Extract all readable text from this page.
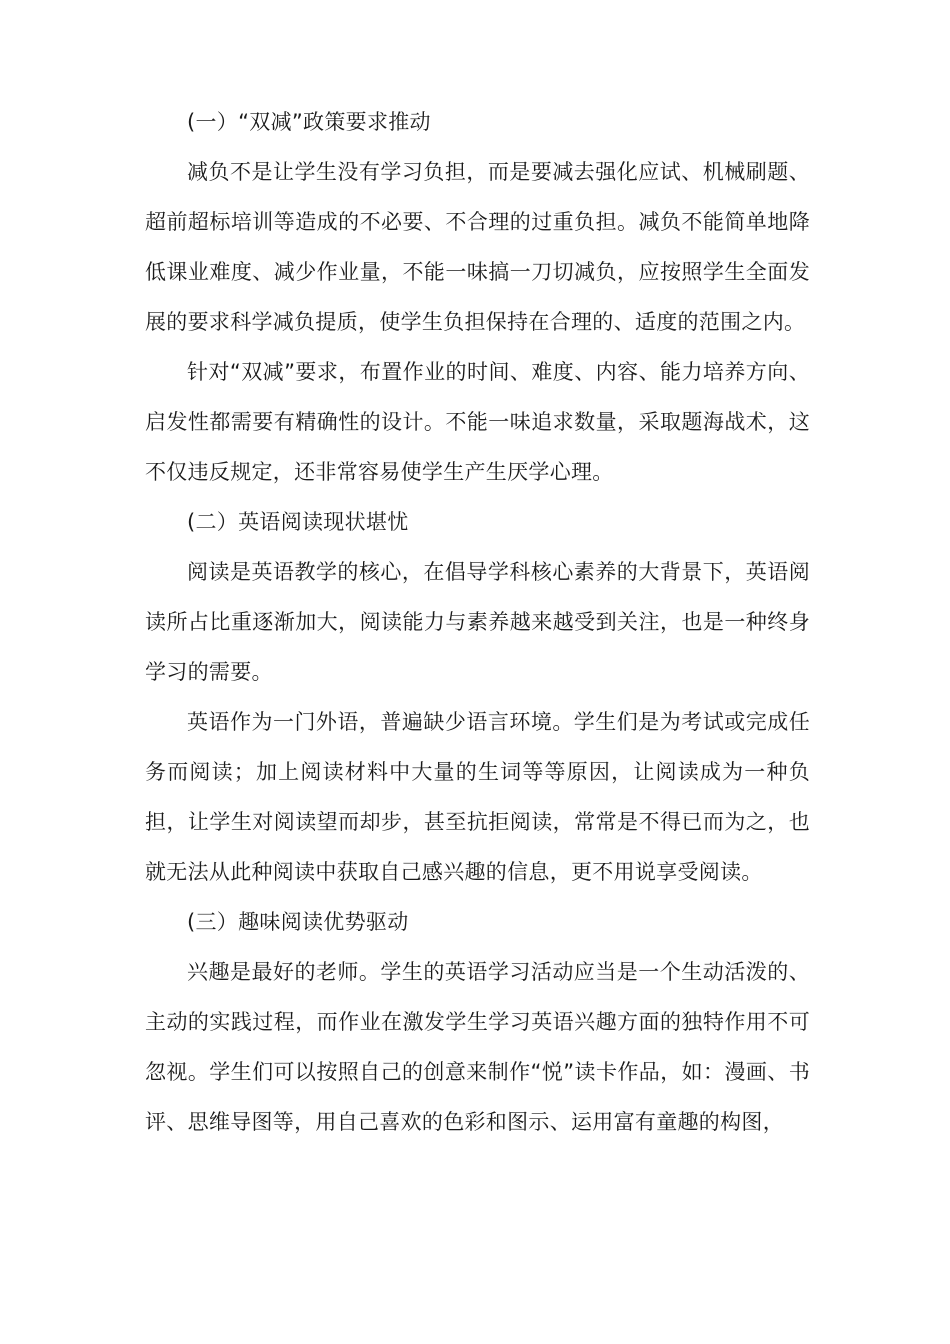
(一）“双减”政策要求推动

减负不是让学生没有学习负担，而是要减去强化应试、机械刷题、超前超标培训等造成的不必要、不合理的过重负担。减负不能简单地降低课业难度、减少作业量，不能一味搞一刀切减负，应按照学生全面发展的要求科学减负提质，使学生负担保持在合理的、适度的范围之内。

针对“双减”要求，布置作业的时间、难度、内容、能力培养方向、启发性都需要有精确性的设计。不能一味追求数量，采取题海战术，这不仅违反规定，还非常容易使学生产生厌学心理。

(二）英语阅读现状堪忧

阅读是英语教学的核心，在倡导学科核心素养的大背景下，英语阅读所占比重逐渐加大，阅读能力与素养越来越受到关注，也是一种终身学习的需要。

英语作为一门外语，普遍缺少语言环境。学生们是为考试或完成任务而阅读；加上阅读材料中大量的生词等等原因，让阅读成为一种负担，让学生对阅读望而却步，甚至抗拒阅读，常常是不得已而为之，也就无法从此种阅读中获取自己感兴趣的信息，更不用说享受阅读。

(三）趣味阅读优势驱动

兴趣是最好的老师。学生的英语学习活动应当是一个生动活泼的、主动的实践过程，而作业在激发学生学习英语兴趣方面的独特作用不可忽视。学生们可以按照自己的创意来制作“悦”读卡作品，如：漫画、书评、思维导图等，用自己喜欢的色彩和图示、运用富有童趣的构图，
